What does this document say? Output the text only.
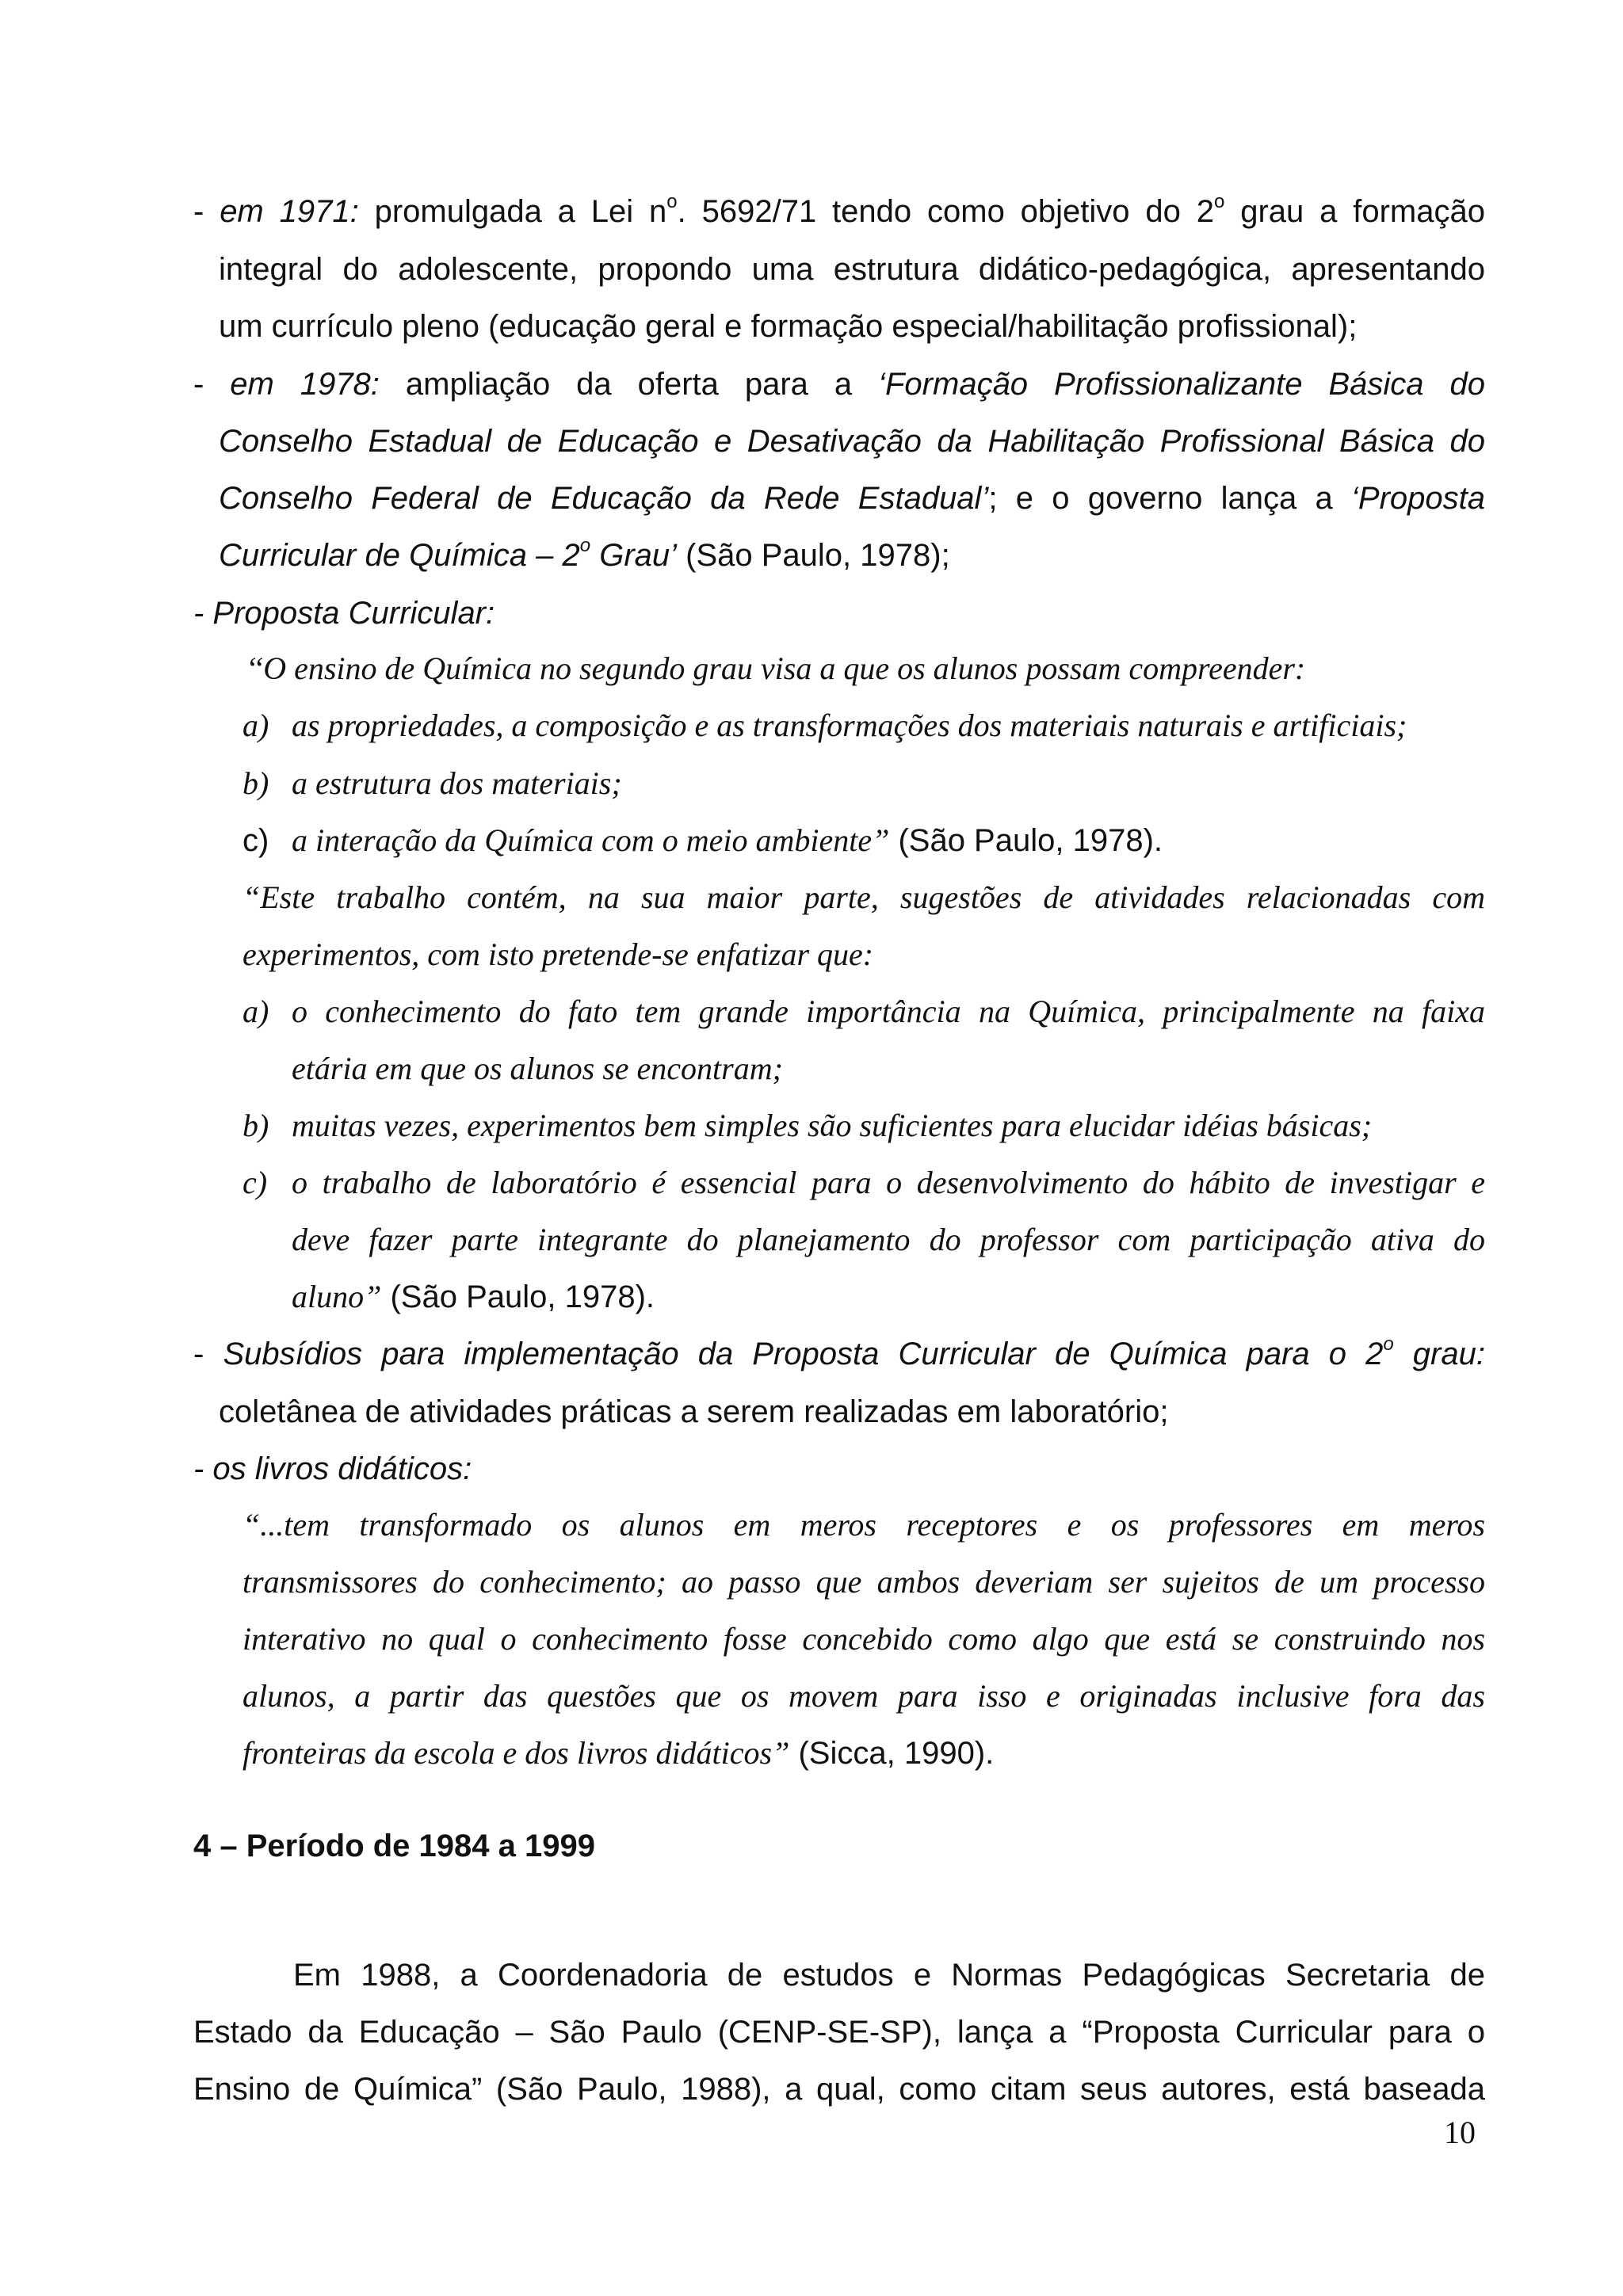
- em 1971: promulgada a Lei $n^o$. 5692/71 tendo como objetivo do 2$^o$ grau a formação
integral do adolescente, propondo uma estrutura didático-pedagógica, apresentando
um currículo pleno (educação geral e formação especial/habilitação profissional);
- em 1978: ampliação da oferta para a ‘Formação Profissionalizante Básica do
Conselho Estadual de Educação e Desativação da Habilitação Profissional Básica do
Conselho Federal de Educação da Rede Estadual’; e o governo lança a ‘Proposta
Curricular de Química – 2$^o$ Grau’ (São Paulo, 1978);
- Proposta Curricular:
‘‘O ensino de Química no segundo grau visa a que os alunos possam compreender:
a) as propriedades, a composição e as transformações dos materiais naturais e artificiais;
b) a estrutura dos materiais;
c) a interação da Química com o meio ambiente” (São Paulo, 1978).
“Este trabalho contém, na sua maior parte, sugestões de atividades relacionadas com
experimentos, com isto pretende-se enfatizar que:
a) o conhecimento do fato tem grande importância na Química, principalmente na faixa
etária em que os alunos se encontram;
b) muitas vezes, experimentos bem simples são suficientes para elucidar idéias básicas;
c) o trabalho de laboratório é essencial para o desenvolvimento do hábito de investigar e
deve fazer parte integrante do planejamento do professor com participação ativa do
aluno” (São Paulo, 1978).
- Subsídios para implementação da Proposta Curricular de Química para o 2$^o$ grau:
coletânea de atividades práticas a serem realizadas em laboratório;
- os livros didáticos:
“...tem transformado os alunos em meros receptores e os professores em meros
transmissores do conhecimento; ao passo que ambos deveriam ser sujeitos de um processo
interativo no qual o conhecimento fosse concebido como algo que está se construindo nos
alunos, a partir das questões que os movem para isso e originadas inclusive fora das
fronteiras da escola e dos livros didáticos” (Sicca, 1990).
4 – Período de 1984 a 1999
Em 1988, a Coordenadoria de estudos e Normas Pedagógicas Secretaria de
Estado da Educação – São Paulo (CENP-SE-SP), lança a “Proposta Curricular para o
Ensino de Química” (São Paulo, 1988), a qual, como citam seus autores, está baseada
10
